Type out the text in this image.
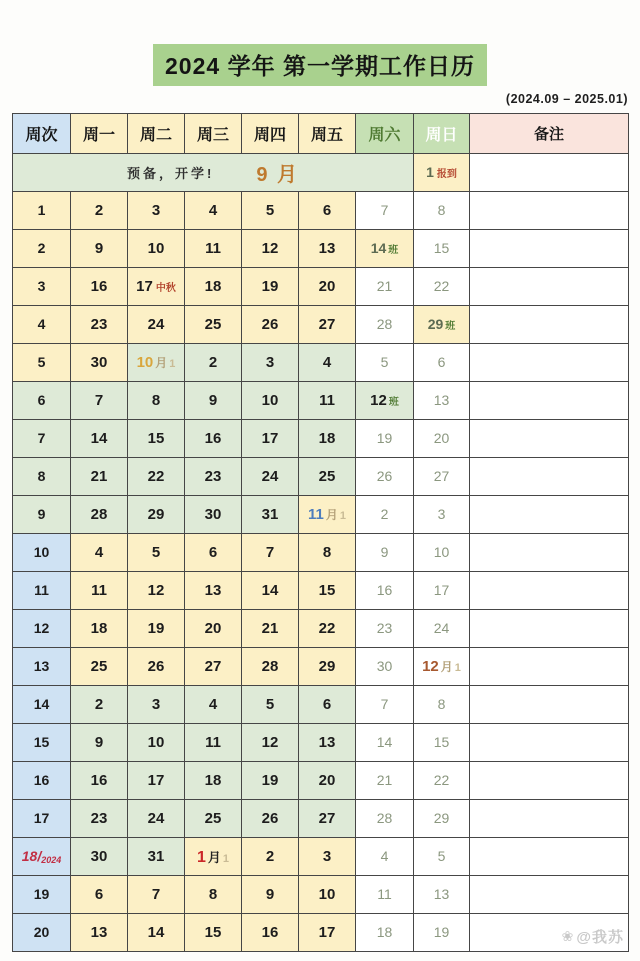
2024 学年 第一学期工作日历
(2024.09 – 2025.01)
周次	周一	周二	周三	周四	周五	周六	周日	备注

预备，开学! 9 月							1 报到	
1	2	3	4	5	6	7	8	
2	9	10	11	12	13	14 班	15	
3	16	17 中秋	18	19	20	21	22	
4	23	24	25	26	27	28	29 班	
5	30	10 月 1	2	3	4	5	6	
6	7	8	9	10	11	12 班	13	
7	14	15	16	17	18	19	20	
8	21	22	23	24	25	26	27	
9	28	29	30	31	11 月 1	2	3	
10	4	5	6	7	8	9	10	
11	11	12	13	14	15	16	17	
12	18	19	20	21	22	23	24	
13	25	26	27	28	29	30	12 月 1	
14	2	3	4	5	6	7	8	
15	9	10	11	12	13	14	15	
16	16	17	18	19	20	21	22	
17	23	24	25	26	27	28	29	
18/2024	30	31	1 月 1	2	3	4	5	
19	6	7	8	9	10	11	13	
20	13	14	15	16	17	18	19		❀ @我苏
